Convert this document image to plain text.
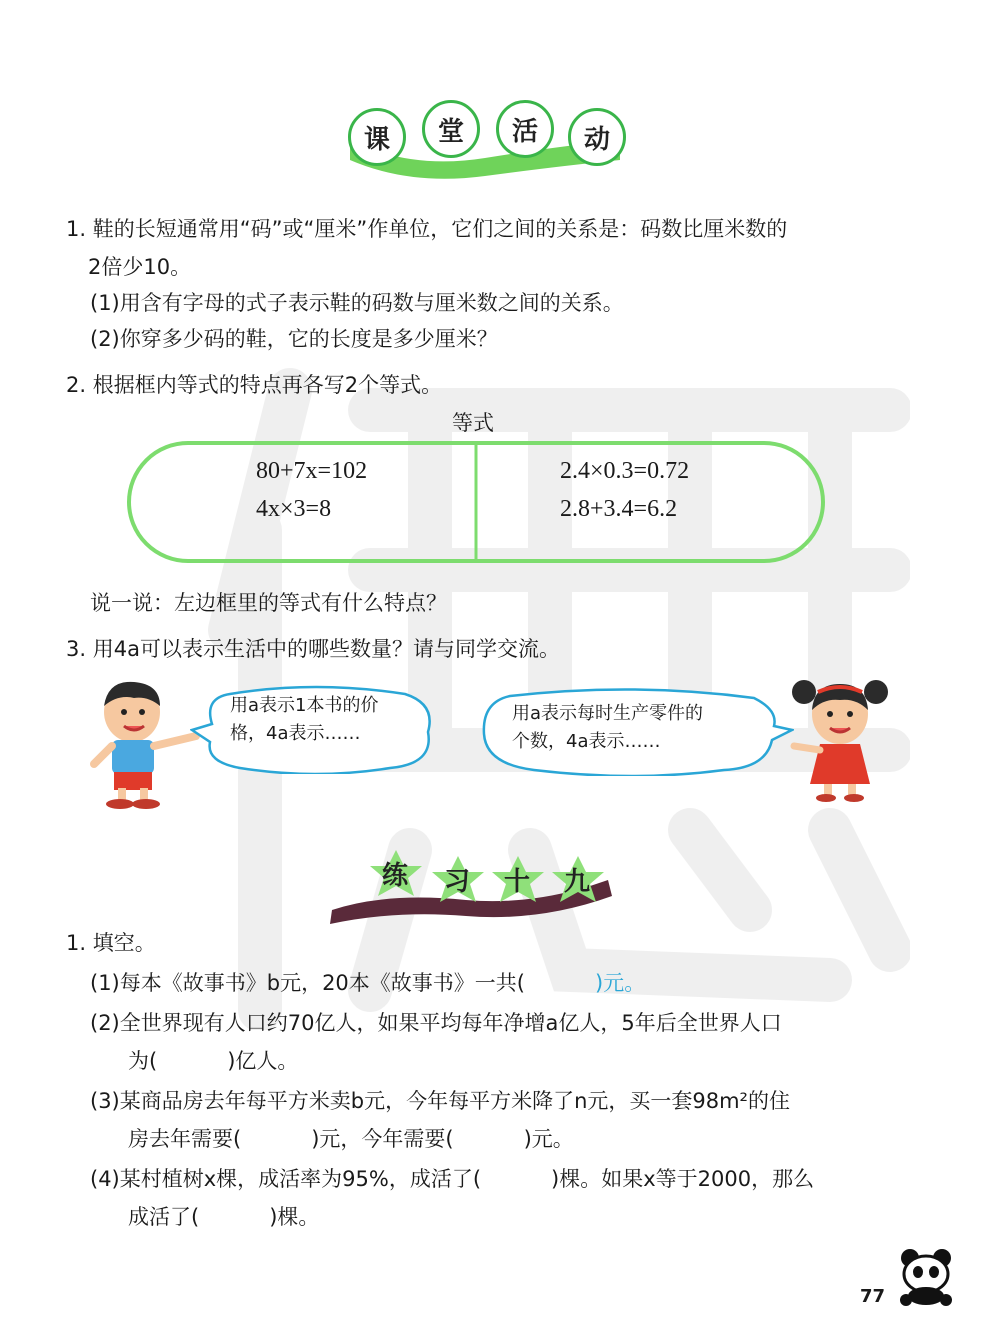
课	堂	活	动
1. 鞋的长短通常用“码”或“厘米”作单位，它们之间的关系是：码数比厘米数的
2倍少10。
(1)用含有字母的式子表示鞋的码数与厘米数之间的关系。
(2)你穿多少码的鞋，它的长度是多少厘米？
2. 根据框内等式的特点再各写2个等式。
等式
80+7x=102
4x×3=8
2.4×0.3=0.72
2.8+3.4=6.2
说一说：左边框里的等式有什么特点？
3. 用4a可以表示生活中的哪些数量？请与同学交流。
用a表示1本书的价
格，4a表示……
用a表示每时生产零件的
个数，4a表示……
练	习	十	九
1. 填空。
(1)每本《故事书》b元，20本《故事书》一共(	)元。
(2)全世界现有人口约70亿人，如果平均每年净增a亿人，5年后全世界人口
为(	)亿人。
(3)某商品房去年每平方米卖b元，今年每平方米降了n元，买一套98m²的住
房去年需要(	)元，今年需要(	)元。
(4)某村植树x棵，成活率为95%，成活了(	)棵。如果x等于2000，那么
成活了(	)棵。
77
